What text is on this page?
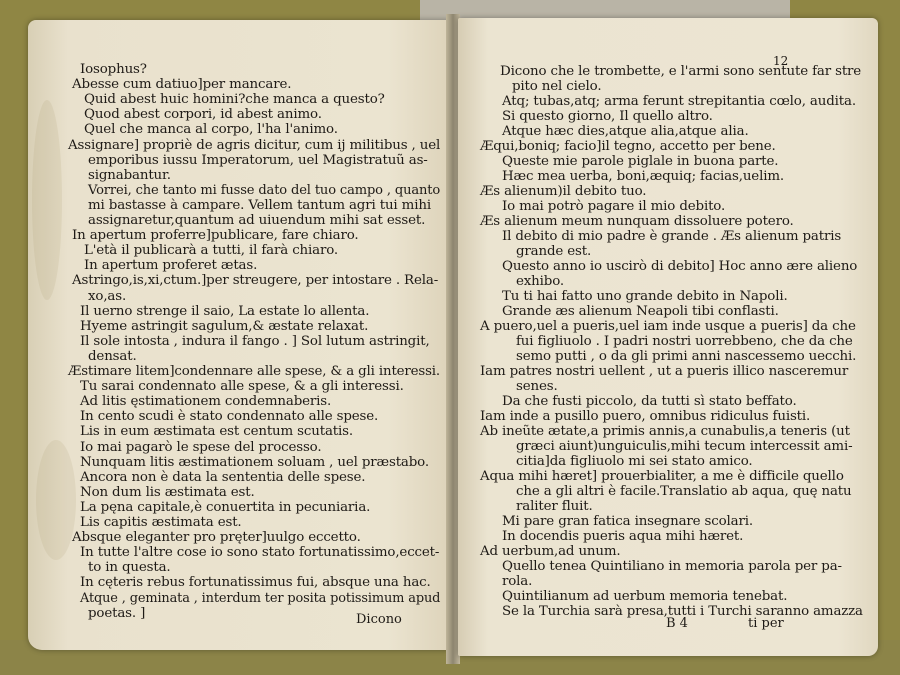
Iosophus?
Abesse cum datiuo]per mancare.
Quid abest huic homini?che manca a questo?
Quod abest corpori, id abest animo.
Quel che manca al corpo, l'ha l'animo.
Assignare] propriè de agris dicitur, cum ij militibus , uel
emporibus iussu Imperatorum, uel Magistratuũ as-
signabantur.
Vorrei, che tanto mi fusse dato del tuo campo , quanto
mi bastasse à campare. Vellem tantum agri tui mihi
assignaretur,quantum ad uiuendum mihi sat esset.
In apertum proferre]publicare, fare chiaro.
L'età il publicarà a tutti, il farà chiaro.
In apertum proferet ætas.
Astringo,is,xi,ctum.]per streugere, per intostare . Rela-
xo,as.
Il uerno strenge il saio, La estate lo allenta.
Hyeme astringit sagulum,& æstate relaxat.
Il sole intosta , indura il fango . ] Sol lutum astringit,
densat.
Æstimare litem]condennare alle spese, & a gli interessi.
Tu sarai condennato alle spese, & a gli interessi.
Ad litis ęstimationem condemnaberis.
In cento scudi è stato condennato alle spese.
Lis in eum æstimata est centum scutatis.
Io mai pagarò le spese del processo.
Nunquam litis æstimationem soluam , uel præstabo.
Ancora non è data la sententia delle spese.
Non dum lis æstimata est.
La pęna capitale,è conuertita in pecuniaria.
Lis capitis æstimata est.
Absque eleganter pro pręter]uulgo eccetto.
In tutte l'altre cose io sono stato fortunatissimo,eccet-
to in questa.
In cęteris rebus fortunatissimus fui, absque una hac.
Atque , geminata , interdum ter posita potissimum apud
poetas. ]	Dicono
12
Dicono che le trombette, e l'armi sono sentute far stre
pito nel cielo.
Atq; tubas,atq; arma ferunt strepitantia cœlo, audita.
Si questo giorno, Il quello altro.
Atque hæc dies,atque alia,atque alia.
Æqui,boniq; facio]il tegno, accetto per bene.
Queste mie parole piglale in buona parte.
Hæc mea uerba, boni,æquiq; facias,uelim.
Æs alienum)il debito tuo.
Io mai potrò pagare il mio debito.
Æs alienum meum nunquam dissoluere potero.
Il debito di mio padre è grande . Æs alienum patris
grande est.
Questo anno io uscirò di debito] Hoc anno ære alieno
exhibo.
Tu ti hai fatto uno grande debito in Napoli.
Grande æs alienum Neapoli tibi conflasti.
A puero,uel a pueris,uel iam inde usque a pueris] da che
fui figliuolo . I padri nostri uorrebbeno, che da che
semo putti , o da gli primi anni nascessemo uecchi.
Iam patres nostri uellent , ut a pueris illico nasceremur
senes.
Da che fusti piccolo, da tutti sì stato beffato.
Iam inde a pusillo puero, omnibus ridiculus fuisti.
Ab ineũte ætate,a primis annis,a cunabulis,a teneris (ut
græci aiunt)unguiculis,mihi tecum intercessit ami-
citia]da figliuolo mi sei stato amico.
Aqua mihi hæret] prouerbialiter, a me è difficile quello
che a gli altri è facile.Translatio ab aqua, quę natu
raliter fluit.
Mi pare gran fatica insegnare scolari.
In docendis pueris aqua mihi hæret.
Ad uerbum,ad unum.
Quello tenea Quintiliano in memoria parola per pa-
rola.
Quintilianum ad uerbum memoria tenebat.
Se la Turchia sarà presa,tutti i Turchi saranno amazza
B 4	ti per
